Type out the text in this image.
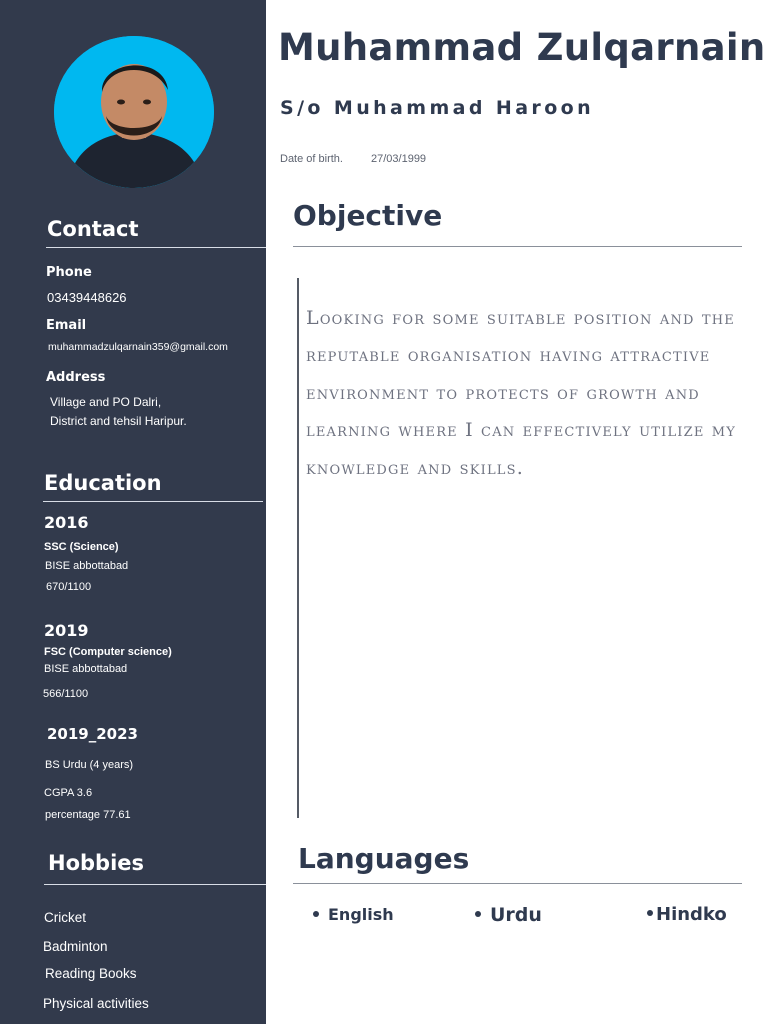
Contact
Phone
03439448626
Email
muhammadzulqarnain359@gmail.com
Address
Village and PO Dalri,
District and tehsil Haripur.
Education
2016
SSC (Science)
BISE abbottabad
670/1100
2019
FSC (Computer science)
BISE abbottabad
566/1100
2019_2023
BS Urdu (4 years)
CGPA 3.6
percentage 77.61
Hobbies
Cricket
Badminton
Reading Books
Physical activities
Muhammad Zulqarnain
S/o Muhammad Haroon
Date of birth.	27/03/1999
Objective
Looking for some suitable position and the reputable organisation having attractive environment to protects of growth and learning where I can effectively utilize my knowledge and skills.
Languages
English	Urdu	Hindko
